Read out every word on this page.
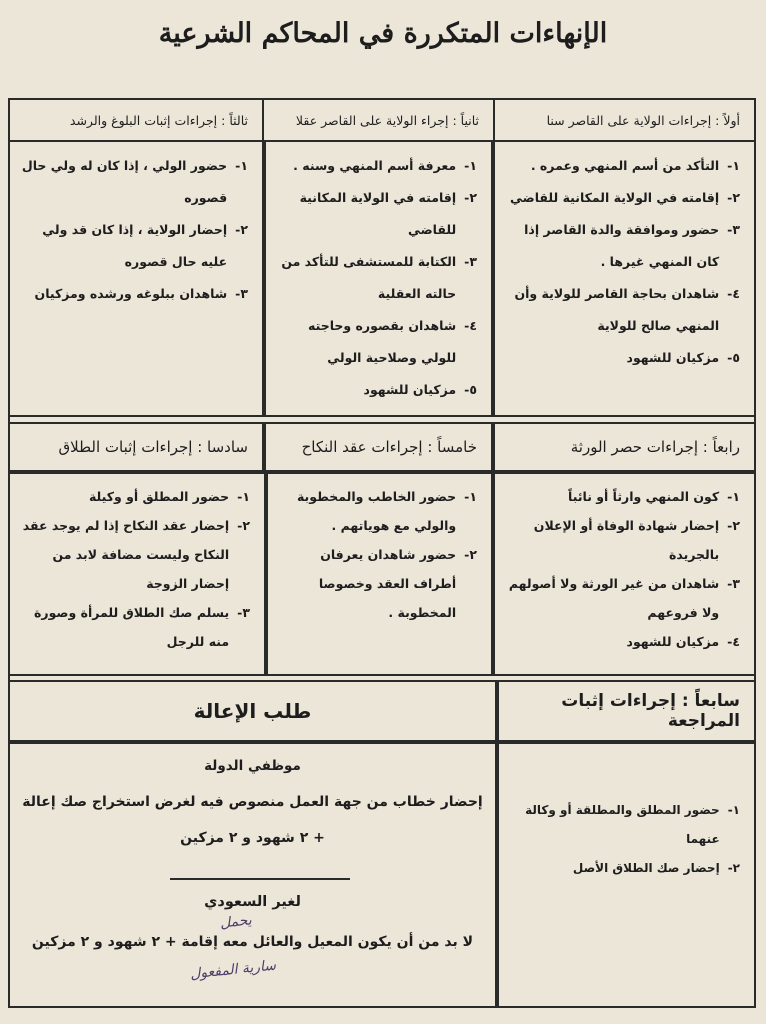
الإنهاءات المتكررة في المحاكم الشرعية
أولاً : إجراءات الولاية على القاصر سنا
ثانياً : إجراء الولاية على القاصر عقلا
ثالثاً : إجراءات إثبات البلوغ والرشد
١-
التأكد من أسم المنهي وعمره .
٢-
إقامته في الولاية المكانية للقاضي
٣-
حضور وموافقة والدة القاصر إذا كان المنهي غيرها .
٤-
شاهدان بحاجة القاصر للولاية وأن المنهي صالح للولاية
٥-
مزكيان للشهود
١-
معرفة أسم المنهي وسنه .
٢-
إقامته في الولاية المكانية للقاضي
٣-
الكتابة للمستشفى للتأكد من حالته العقلية
٤-
شاهدان بقصوره وحاجته للولي وصلاحية الولي
٥-
مزكيان للشهود
١-
حضور الولي ، إذا كان له ولي حال قصوره
٢-
إحضار الولاية ، إذا كان قد ولي عليه حال قصوره
٣-
شاهدان ببلوغه ورشده ومزكيان
رابعاً : إجراءات حصر الورثة
خامساً : إجراءات عقد النكاح
سادسا : إجراءات إثبات الطلاق
١-
كون المنهي وارثاً أو نائباً
٢-
إحضار شهادة الوفاة أو الإعلان بالجريدة
٣-
شاهدان من غير الورثة ولا أصولهم ولا فروعهم
٤-
مزكيان للشهود
١-
حضور الخاطب والمخطوبة والولي مع هوياتهم .
٢-
حضور شاهدان يعرفان أطراف العقد وخصوصا المخطوبة .
١-
حضور المطلق أو وكيلة
٢-
إحضار عقد النكاح إذا لم يوجد عقد النكاح وليست مضافة لابد من إحضار الزوجة
٣-
يسلم صك الطلاق للمرأة وصورة منه للرجل
سابعاً : إجراءات إثبات المراجعة
١-
حضور المطلق والمطلقة أو وكالة عنهما
٢-
إحضار صك الطلاق الأصل
طلب الإعالة
موظفي الدولة
إحضار خطاب من جهة العمل منصوص فيه لغرض استخراج صك إعالة
+ ٢ شهود و ٢ مزكين
لغير السعودي
لا بد من أن يكون المعيل والعائل معه إقامة + ٢ شهود و ٢ مزكين
يحمل
سارية المفعول
